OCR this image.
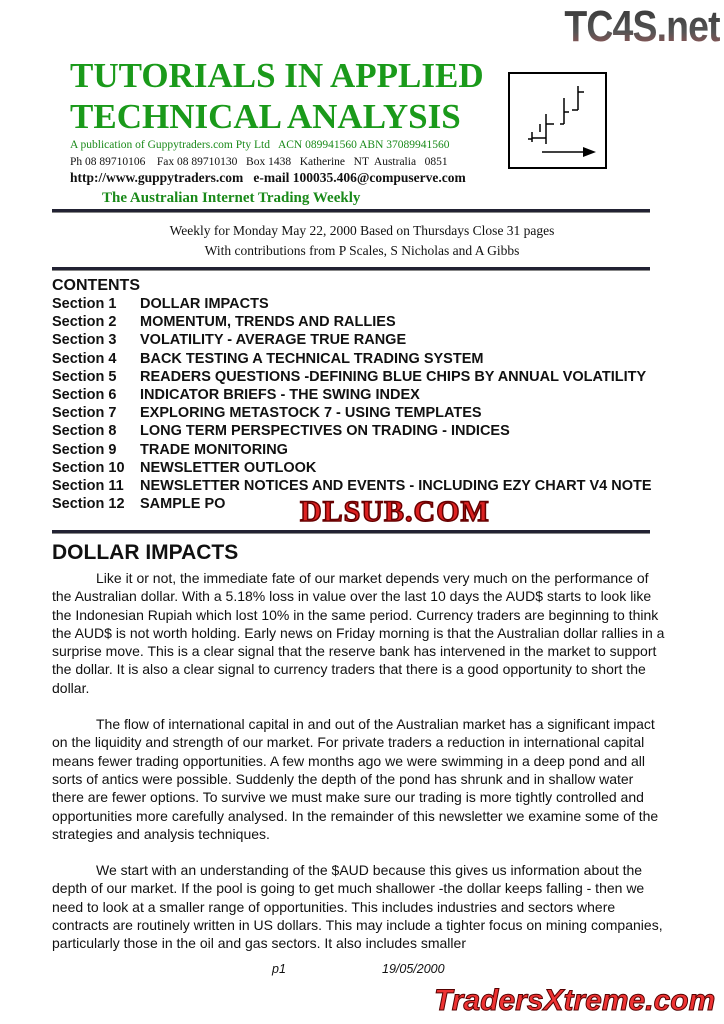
TC4S.net
TUTORIALS IN APPLIED
TECHNICAL ANALYSIS
A publication of Guppytraders.com Pty Ltd ACN 089941560 ABN 37089941560
Ph 08 89710106    Fax 08 89710130   Box 1438   Katherine   NT  Australia   0851
http://www.guppytraders.com   e-mail 100035.406@compuserve.com
The Australian Internet Trading Weekly
Weekly for Monday May 22, 2000 Based on Thursdays Close 31 pages
With contributions from P Scales, S Nicholas and A Gibbs
CONTENTS
Section 1 DOLLAR IMPACTS
Section 2 MOMENTUM, TRENDS AND RALLIES
Section 3 VOLATILITY - AVERAGE TRUE RANGE
Section 4 BACK TESTING A TECHNICAL TRADING SYSTEM
Section 5 READERS QUESTIONS -DEFINING BLUE CHIPS BY ANNUAL VOLATILITY
Section 6 INDICATOR BRIEFS - THE SWING INDEX
Section 7 EXPLORING METASTOCK 7 - USING TEMPLATES
Section 8 LONG TERM PERSPECTIVES ON TRADING - INDICES
Section 9 TRADE MONITORING
Section 10 NEWSLETTER OUTLOOK
Section 11 NEWSLETTER NOTICES AND EVENTS - INCLUDING EZY CHART V4 NOTE
Section 12 SAMPLE PO	DLSUB.COM
DOLLAR IMPACTS

Like it or not, the immediate fate of our market depends very much on the performance of the Australian dollar. With a 5.18% loss in value over the last 10 days the AUD$ starts to look like the Indonesian Rupiah which lost 10% in the same period. Currency traders are beginning to think the AUD$ is not worth holding. Early news on Friday morning is that the Australian dollar rallies in a surprise move. This is a clear signal that the reserve bank has intervened in the market to support the dollar. It is also a clear signal to currency traders that there is a good opportunity to short the dollar.

The flow of international capital in and out of the Australian market has a significant impact on the liquidity and strength of our market. For private traders a reduction in international capital means fewer trading opportunities. A few months ago we were swimming in a deep pond and all sorts of antics were possible. Suddenly the depth of the pond has shrunk and in shallow water there are fewer options. To survive we must make sure our trading is more tightly controlled and opportunities more carefully analysed. In the remainder of this newsletter we examine some of the strategies and analysis techniques.

We start with an understanding of the $AUD because this gives us information about the depth of our market. If the pool is going to get much shallower -the dollar keeps falling - then we need to look at a smaller range of opportunities. This includes industries and sectors where contracts are routinely written in US dollars. This may include a tighter focus on mining companies, particularly those in the oil and gas sectors. It also includes smaller

p1	19/05/2000
TradersXtreme.com
